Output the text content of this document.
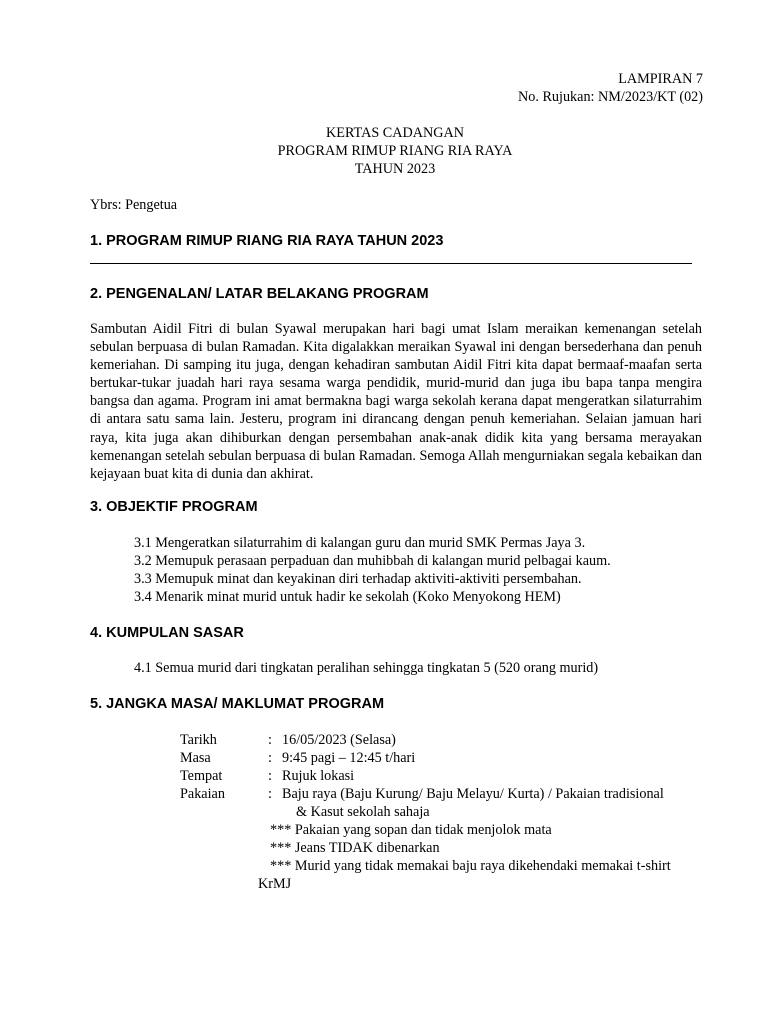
LAMPIRAN 7
No. Rujukan: NM/2023/KT (02)
KERTAS CADANGAN
PROGRAM RIMUP RIANG RIA RAYA
TAHUN 2023
Ybrs: Pengetua
1. PROGRAM RIMUP RIANG RIA RAYA TAHUN 2023
2. PENGENALAN/ LATAR BELAKANG PROGRAM
Sambutan Aidil Fitri di bulan Syawal merupakan hari bagi umat Islam meraikan kemenangan setelah sebulan berpuasa di bulan Ramadan. Kita digalakkan meraikan Syawal ini dengan bersederhana dan penuh kemeriahan. Di samping itu juga, dengan kehadiran sambutan Aidil Fitri kita dapat bermaaf-maafan serta bertukar-tukar juadah hari raya sesama warga pendidik, murid-murid dan juga ibu bapa tanpa mengira bangsa dan agama. Program ini amat bermakna bagi warga sekolah kerana dapat mengeratkan silaturrahim di antara satu sama lain. Jesteru, program ini dirancang dengan penuh kemeriahan. Selaian jamuan hari raya, kita juga akan dihiburkan dengan persembahan anak-anak didik kita yang bersama merayakan kemenangan setelah sebulan berpuasa di bulan Ramadan. Semoga Allah mengurniakan segala kebaikan dan kejayaan buat kita di dunia dan akhirat.
3. OBJEKTIF PROGRAM
3.1 Mengeratkan silaturrahim di kalangan guru dan murid SMK Permas Jaya 3.
3.2 Memupuk perasaan perpaduan dan muhibbah di kalangan murid pelbagai kaum.
3.3 Memupuk minat dan keyakinan diri terhadap aktiviti-aktiviti persembahan.
3.4 Menarik minat murid untuk hadir ke sekolah (Koko Menyokong HEM)
4. KUMPULAN SASAR
4.1 Semua murid dari tingkatan peralihan sehingga tingkatan 5 (520 orang murid)
5. JANGKA MASA/ MAKLUMAT PROGRAM
Tarikh	: 16/05/2023 (Selasa)
Masa	: 9:45 pagi – 12:45 t/hari
Tempat	: Rujuk lokasi
Pakaian	: Baju raya (Baju Kurung/ Baju Melayu/ Kurta) / Pakaian tradisional
& Kasut sekolah sahaja
*** Pakaian yang sopan dan tidak menjolok mata
*** Jeans TIDAK dibenarkan
*** Murid yang tidak memakai baju raya dikehendaki memakai t-shirt
KrMJ
